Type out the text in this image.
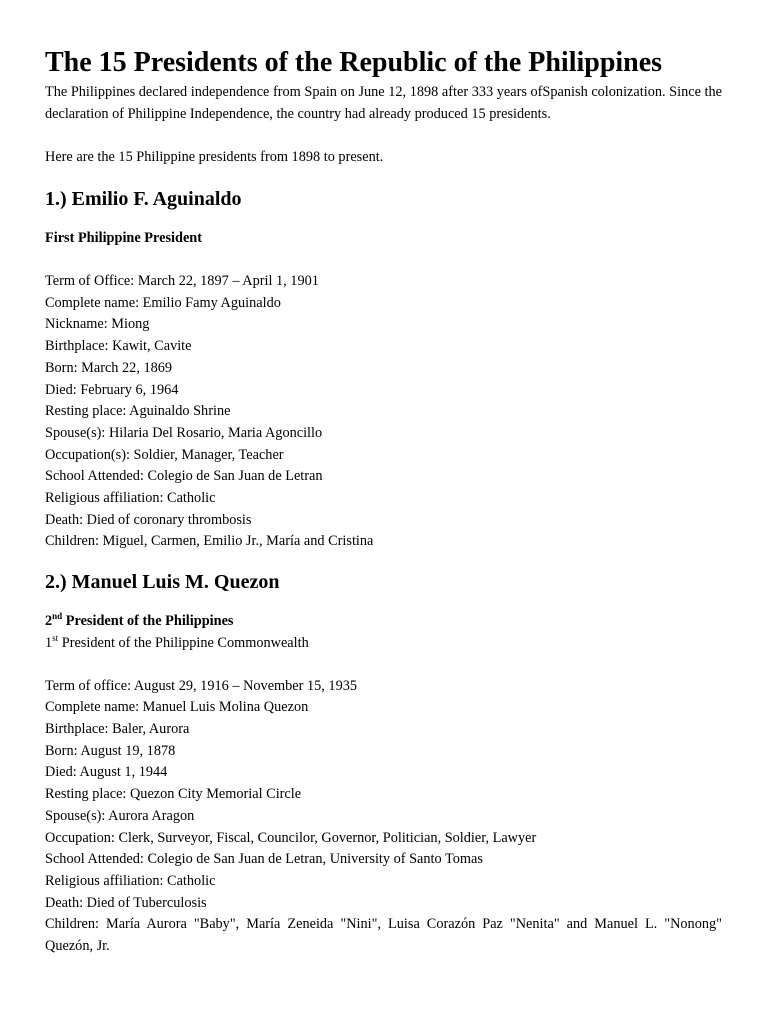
The 15 Presidents of the Republic of the Philippines

The Philippines declared independence from Spain on June 12, 1898 after 333 years ofSpanish colonization. Since the declaration of Philippine Independence, the country had already produced 15 presidents.

Here are the 15 Philippine presidents from 1898 to present.

1.) Emilio F. Aguinaldo

First Philippine President

Term of Office: March 22, 1897 – April 1, 1901
Complete name: Emilio Famy Aguinaldo
Nickname: Miong
Birthplace: Kawit, Cavite
Born: March 22, 1869
Died: February 6, 1964
Resting place: Aguinaldo Shrine
Spouse(s): Hilaria Del Rosario, Maria Agoncillo
Occupation(s): Soldier, Manager, Teacher
School Attended: Colegio de San Juan de Letran
Religious affiliation: Catholic
Death: Died of coronary thrombosis
Children: Miguel, Carmen, Emilio Jr., María and Cristina
2.) Manuel Luis M. Quezon

2nd President of the Philippines

1st President of the Philippine Commonwealth

Term of office: August 29, 1916 – November 15, 1935
Complete name: Manuel Luis Molina Quezon
Birthplace: Baler, Aurora
Born: August 19, 1878
Died: August 1, 1944
Resting place: Quezon City Memorial Circle
Spouse(s): Aurora Aragon
Occupation: Clerk, Surveyor, Fiscal, Councilor, Governor, Politician, Soldier, Lawyer
School Attended: Colegio de San Juan de Letran, University of Santo Tomas
Religious affiliation: Catholic
Death: Died of Tuberculosis
Children: María Aurora "Baby", María Zeneida "Nini", Luisa Corazón Paz "Nenita" and Manuel L. "Nonong" Quezón, Jr.
